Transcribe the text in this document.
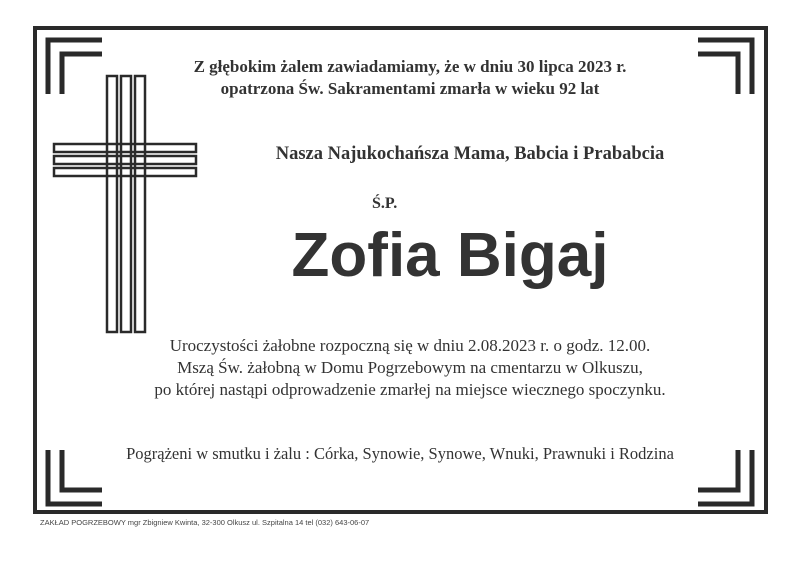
Z głębokim żalem zawiadamiamy, że w dniu 30 lipca 2023 r.
opatrzona Św. Sakramentami zmarła w wieku 92 lat
Nasza Najukochańsza Mama, Babcia i Prababcia
Ś.P.
Zofia Bigaj
Uroczystości żałobne rozpoczną się w dniu 2.08.2023 r. o godz. 12.00.
Mszą Św. żałobną w Domu Pogrzebowym na cmentarzu w Olkuszu,
po której nastąpi odprowadzenie zmarłej na miejsce wiecznego spoczynku.
Pogrążeni w smutku i żalu : Córka, Synowie, Synowe, Wnuki, Prawnuki i Rodzina
ZAKŁAD POGRZEBOWY mgr Zbigniew Kwinta, 32-300 Olkusz ul. Szpitalna 14 tel (032) 643-06-07
